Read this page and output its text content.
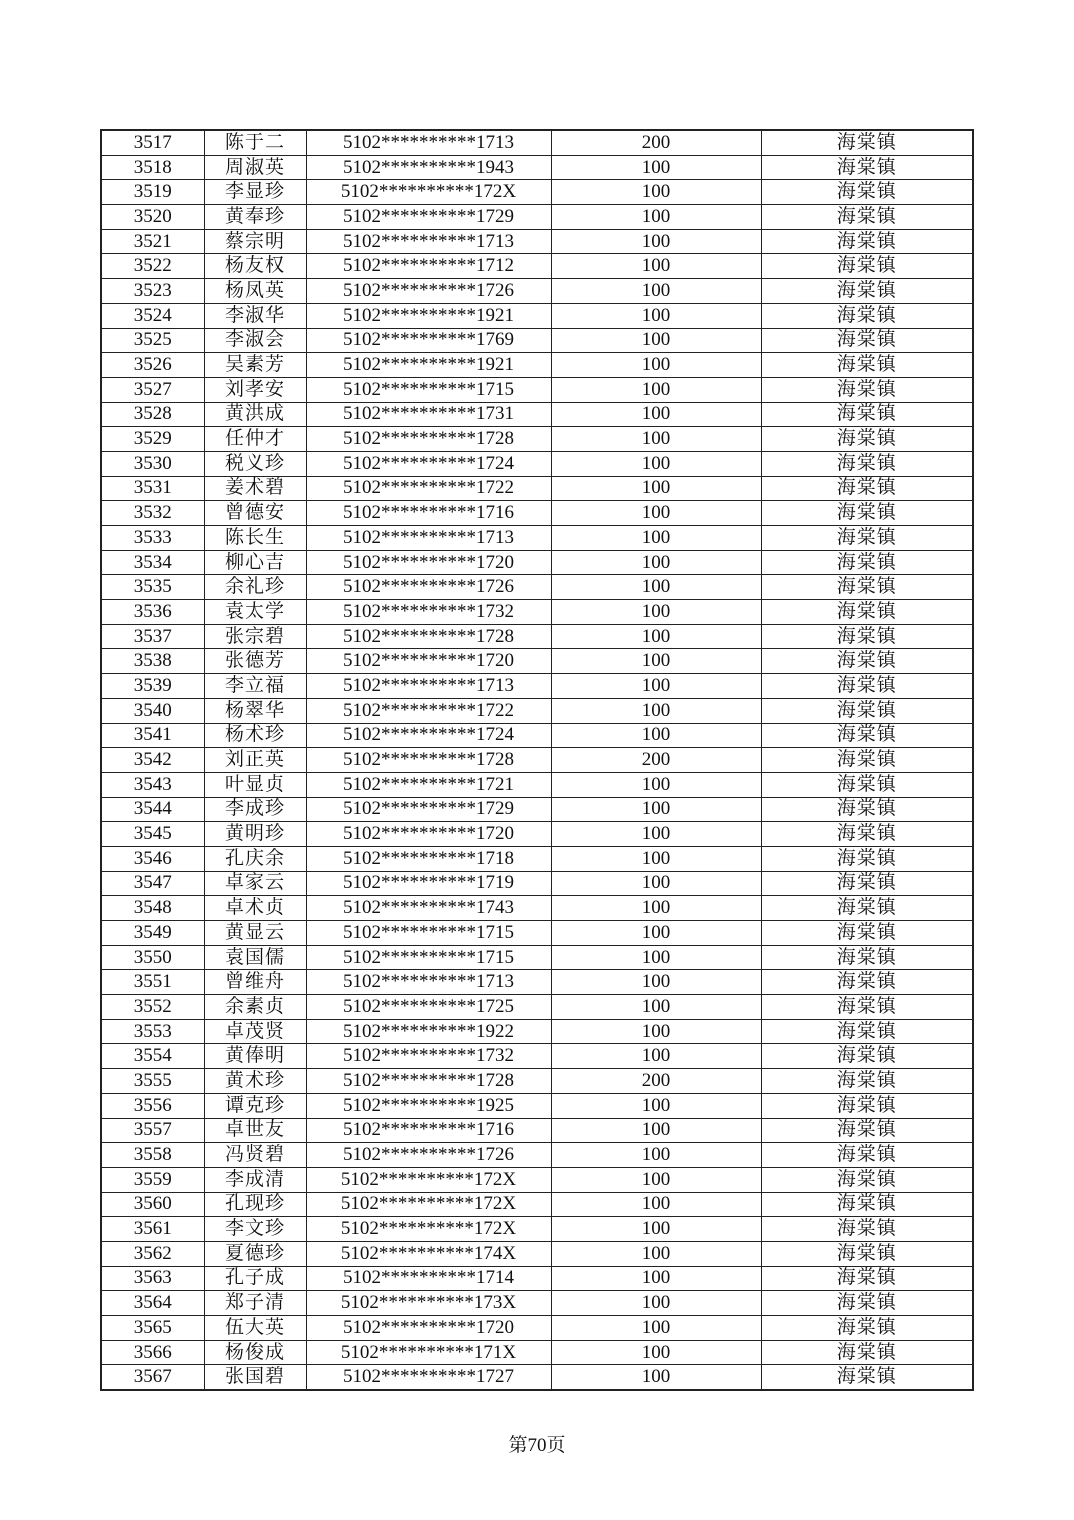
3517	陈于二	5102**********1713	200	海棠镇
3518	周淑英	5102**********1943	100	海棠镇
3519	李显珍	5102**********172X	100	海棠镇
3520	黄奉珍	5102**********1729	100	海棠镇
3521	蔡宗明	5102**********1713	100	海棠镇
3522	杨友权	5102**********1712	100	海棠镇
3523	杨凤英	5102**********1726	100	海棠镇
3524	李淑华	5102**********1921	100	海棠镇
3525	李淑会	5102**********1769	100	海棠镇
3526	吴素芳	5102**********1921	100	海棠镇
3527	刘孝安	5102**********1715	100	海棠镇
3528	黄洪成	5102**********1731	100	海棠镇
3529	任仲才	5102**********1728	100	海棠镇
3530	税义珍	5102**********1724	100	海棠镇
3531	姜术碧	5102**********1722	100	海棠镇
3532	曾德安	5102**********1716	100	海棠镇
3533	陈长生	5102**********1713	100	海棠镇
3534	柳心吉	5102**********1720	100	海棠镇
3535	余礼珍	5102**********1726	100	海棠镇
3536	袁太学	5102**********1732	100	海棠镇
3537	张宗碧	5102**********1728	100	海棠镇
3538	张德芳	5102**********1720	100	海棠镇
3539	李立福	5102**********1713	100	海棠镇
3540	杨翠华	5102**********1722	100	海棠镇
3541	杨术珍	5102**********1724	100	海棠镇
3542	刘正英	5102**********1728	200	海棠镇
3543	叶显贞	5102**********1721	100	海棠镇
3544	李成珍	5102**********1729	100	海棠镇
3545	黄明珍	5102**********1720	100	海棠镇
3546	孔庆余	5102**********1718	100	海棠镇
3547	卓家云	5102**********1719	100	海棠镇
3548	卓术贞	5102**********1743	100	海棠镇
3549	黄显云	5102**********1715	100	海棠镇
3550	袁国儒	5102**********1715	100	海棠镇
3551	曾维舟	5102**********1713	100	海棠镇
3552	余素贞	5102**********1725	100	海棠镇
3553	卓茂贤	5102**********1922	100	海棠镇
3554	黄俸明	5102**********1732	100	海棠镇
3555	黄术珍	5102**********1728	200	海棠镇
3556	谭克珍	5102**********1925	100	海棠镇
3557	卓世友	5102**********1716	100	海棠镇
3558	冯贤碧	5102**********1726	100	海棠镇
3559	李成清	5102**********172X	100	海棠镇
3560	孔现珍	5102**********172X	100	海棠镇
3561	李文珍	5102**********172X	100	海棠镇
3562	夏德珍	5102**********174X	100	海棠镇
3563	孔子成	5102**********1714	100	海棠镇
3564	郑子清	5102**********173X	100	海棠镇
3565	伍大英	5102**********1720	100	海棠镇
3566	杨俊成	5102**********171X	100	海棠镇
3567	张国碧	5102**********1727	100	海棠镇
第70页
